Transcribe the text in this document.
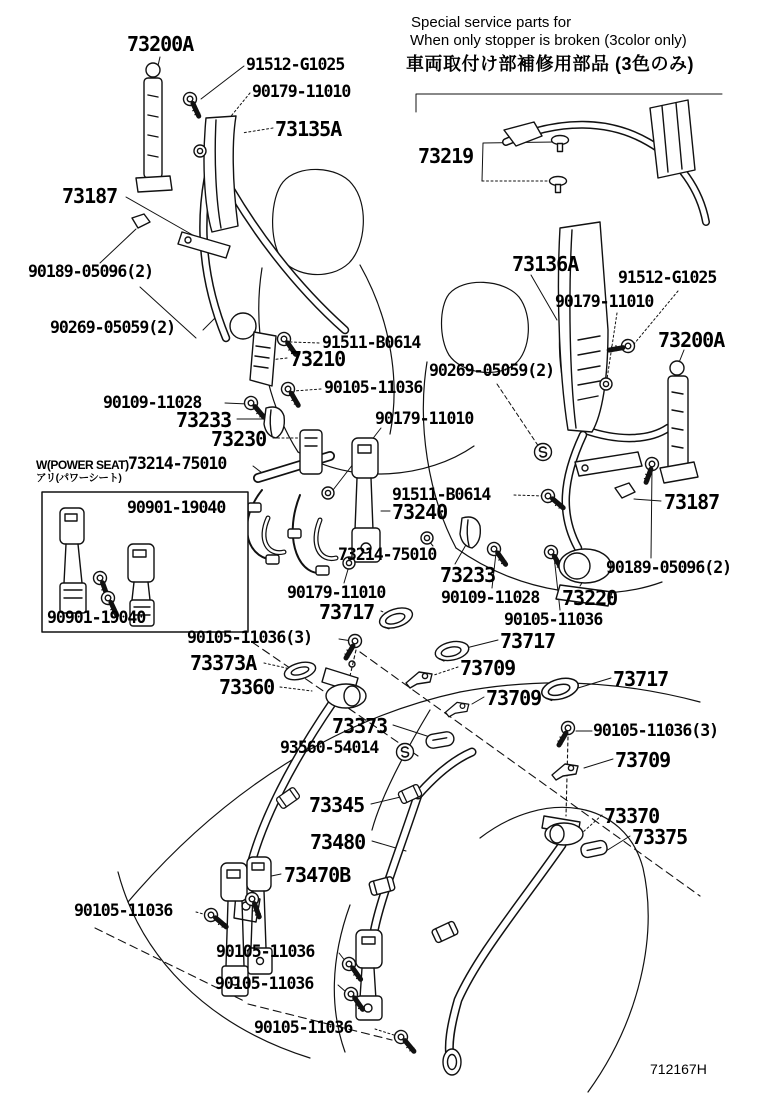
Special service parts for
When only stopper is broken (3color only)
車両取付け部補修用部品 (3色のみ)
W(POWER SEAT)
アリ(パワーシート)
73200A
91512-G1025
90179-11010
73135A
73187
90189-05096(2)
90269-05059(2)
91511-B0614
73210
90105-11036
90109-11028
73233
73230
90179-11010
73214-75010
90901-19040
90901-19040
91511-B0614
73240
73214-75010
73233
90109-11028 73220
90105-11036
90189-05096(2)
73187
90179-11010
73717
73136A
91512-G1025
90179-11010
73200A
90269-05059(2)
73219
90105-11036(3)
73373A
73360
73717
73709	73717
73709
73373
93560-54014
90105-11036(3)
73709
73345
73480
73370
73375
73470B
90105-11036
90105-11036
90105-11036
90105-11036
712167H
